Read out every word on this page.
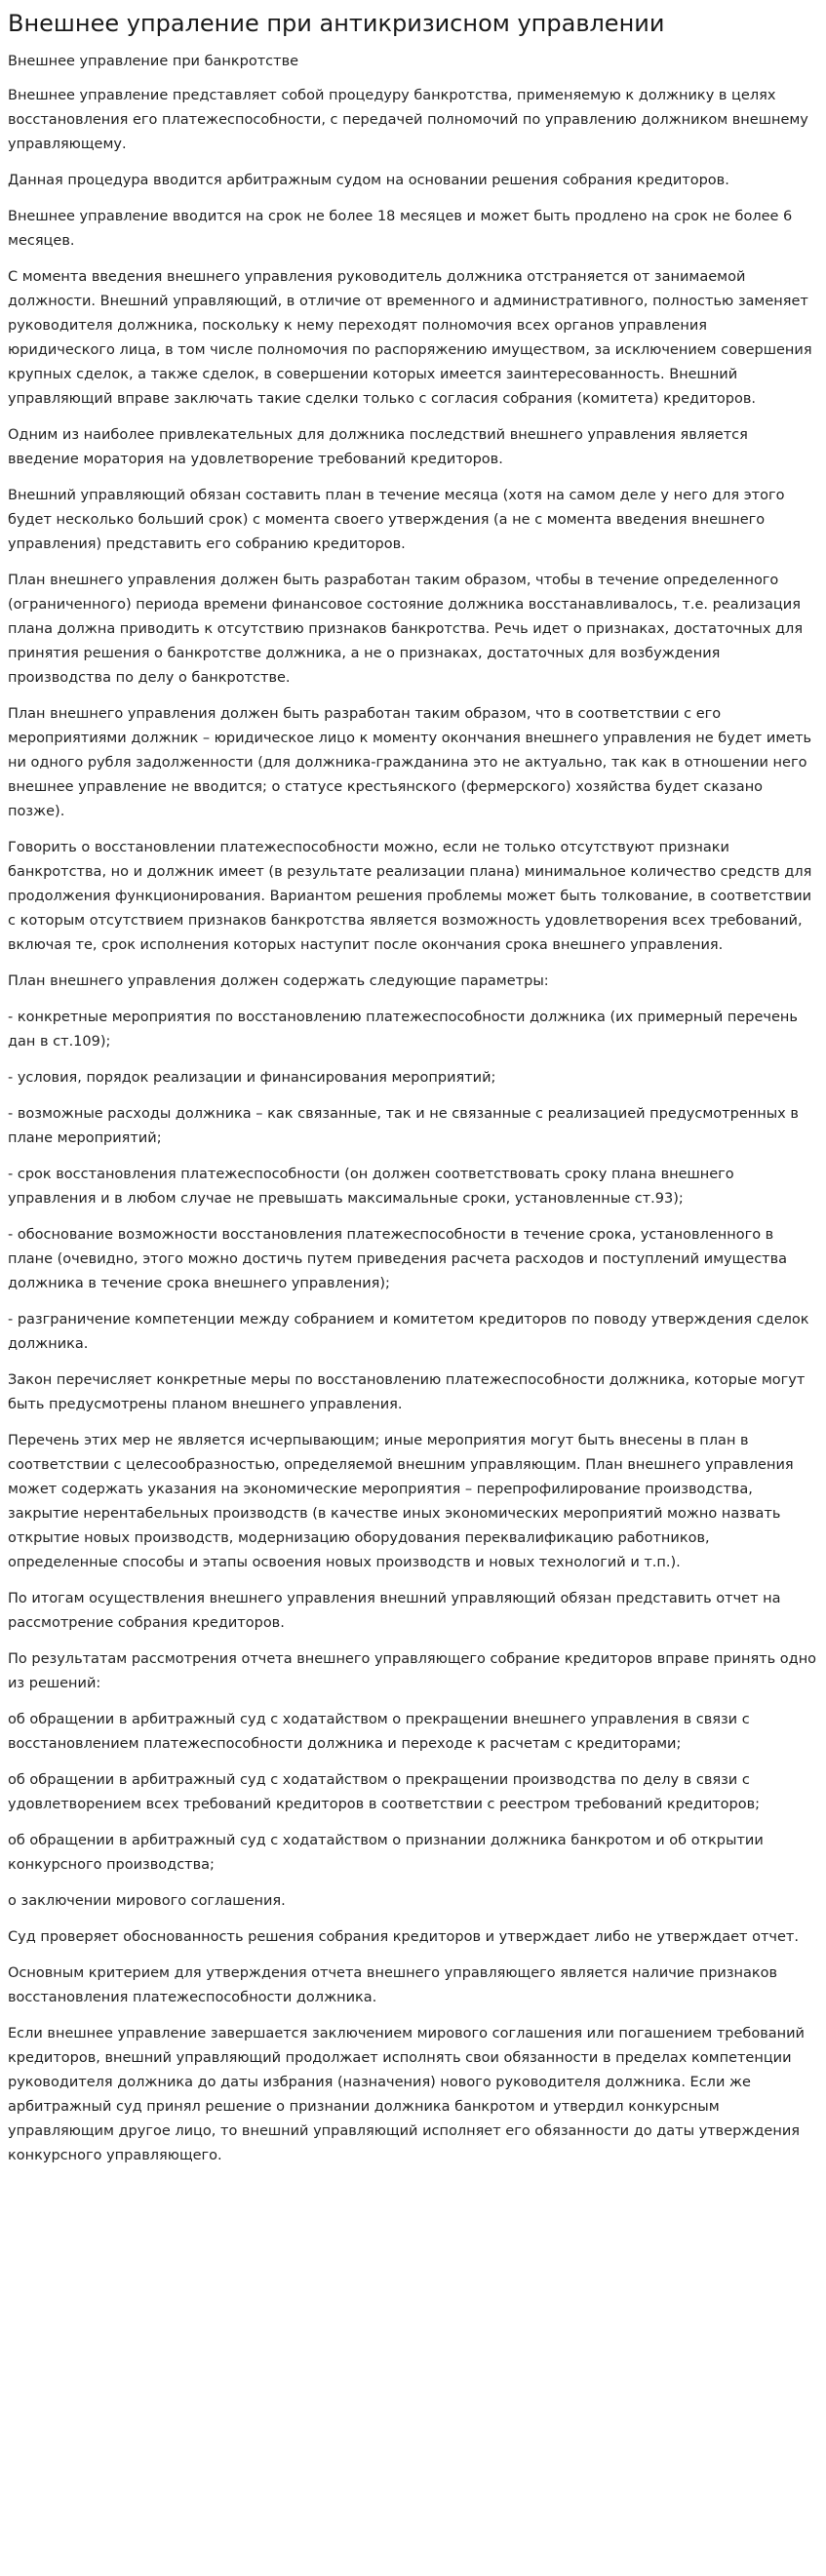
Внешнее упраление при антикризисном управлении
Внешнее управление при банкротстве

Внешнее управление представляет собой процедуру банкротства, применяемую к должнику в целях восстановления его платежеспособности, с передачей полномочий по управлению должником внешнему управляющему.

Данная процедура вводится арбитражным судом на основании решения собрания кредиторов.

Внешнее управление вводится на срок не более 18 месяцев и может быть продлено на срок не более 6 месяцев.

С момента введения внешнего управления руководитель должника отстраняется от занимаемой должности. Внешний управляющий, в отличие от временного и административного, полностью заменяет руководителя должника, поскольку к нему переходят полномочия всех органов управления юридического лица, в том числе полномочия по распоряжению имуществом, за исключением совершения крупных сделок, а также сделок, в совершении которых имеется заинтересованность. Внешний управляющий вправе заключать такие сделки только с согласия собрания (комитета) кредиторов.

Одним из наиболее привлекательных для должника последствий внешнего управления является введение моратория на удовлетворение требований кредиторов.

Внешний управляющий обязан составить план в течение месяца (хотя на самом деле у него для этого будет несколько больший срок) с момента своего утверждения (а не с момента введения внешнего управления) представить его собранию кредиторов.

План внешнего управления должен быть разработан таким образом, чтобы в течение определенного (ограниченного) периода времени финансовое состояние должника восстанавливалось, т.е. реализация плана должна приводить к отсутствию признаков банкротства. Речь идет о признаках, достаточных для принятия решения о банкротстве должника, а не о признаках, достаточных для возбуждения производства по делу о банкротстве.

План внешнего управления должен быть разработан таким образом, что в соответствии с его мероприятиями должник – юридическое лицо к моменту окончания внешнего управления не будет иметь ни одного рубля задолженности (для должника-гражданина это не актуально, так как в отношении него внешнее управление не вводится; о статусе крестьянского (фермерского) хозяйства будет сказано позже).

Говорить о восстановлении платежеспособности можно, если не только отсутствуют признаки банкротства, но и должник имеет (в результате реализации плана) минимальное количество средств для продолжения функционирования. Вариантом решения проблемы может быть толкование, в соответствии с которым отсутствием признаков банкротства является возможность удовлетворения всех требований, включая те, срок исполнения которых наступит после окончания срока внешнего управления.

План внешнего управления должен содержать следующие параметры:

- конкретные мероприятия по восстановлению платежеспособности должника (их примерный перечень дан в ст.109);

- условия, порядок реализации и финансирования мероприятий;

- возможные расходы должника – как связанные, так и не связанные с реализацией предусмотренных в плане мероприятий;

- срок восстановления платежеспособности (он должен соответствовать сроку плана внешнего управления и в любом случае не превышать максимальные сроки, установленные ст.93);

- обоснование возможности восстановления платежеспособности в течение срока, установленного в плане (очевидно, этого можно достичь путем приведения расчета расходов и поступлений имущества должника в течение срока внешнего управления);

- разграничение компетенции между собранием и комитетом кредиторов по поводу утверждения сделок должника.

Закон перечисляет конкретные меры по восстановлению платежеспособности должника, которые могут быть предусмотрены планом внешнего управления.

Перечень этих мер не является исчерпывающим; иные мероприятия могут быть внесены в план в соответствии с целесообразностью, определяемой внешним управляющим. План внешнего управления может содержать указания на экономические мероприятия – перепрофилирование производства, закрытие нерентабельных производств (в качестве иных экономических мероприятий можно назвать открытие новых производств, модернизацию оборудования переквалификацию работников, определенные способы и этапы освоения новых производств и новых технологий и т.п.).

По итогам осуществления внешнего управления внешний управляющий обязан представить отчет на рассмотрение собрания кредиторов.

По результатам рассмотрения отчета внешнего управляющего собрание кредиторов вправе принять одно из решений:

об обращении в арбитражный суд с ходатайством о прекращении внешнего управления в связи с восстановлением платежеспособности должника и переходе к расчетам с кредиторами;

об обращении в арбитражный суд с ходатайством о прекращении производства по делу в связи с удовлетворением всех требований кредиторов в соответствии с реестром требований кредиторов;

об обращении в арбитражный суд с ходатайством о признании должника банкротом и об открытии конкурсного производства;

о заключении мирового соглашения.

Суд проверяет обоснованность решения собрания кредиторов и утверждает либо не утверждает отчет.

Основным критерием для утверждения отчета внешнего управляющего является наличие признаков восстановления платежеспособности должника.

Если внешнее управление завершается заключением мирового соглашения или погашением требований кредиторов, внешний управляющий продолжает исполнять свои обязанности в пределах компетенции руководителя должника до даты избрания (назначения) нового руководителя должника. Если же арбитражный суд принял решение о признании должника банкротом и утвердил конкурсным управляющим другое лицо, то внешний управляющий исполняет его обязанности до даты утверждения конкурсного управляющего.
